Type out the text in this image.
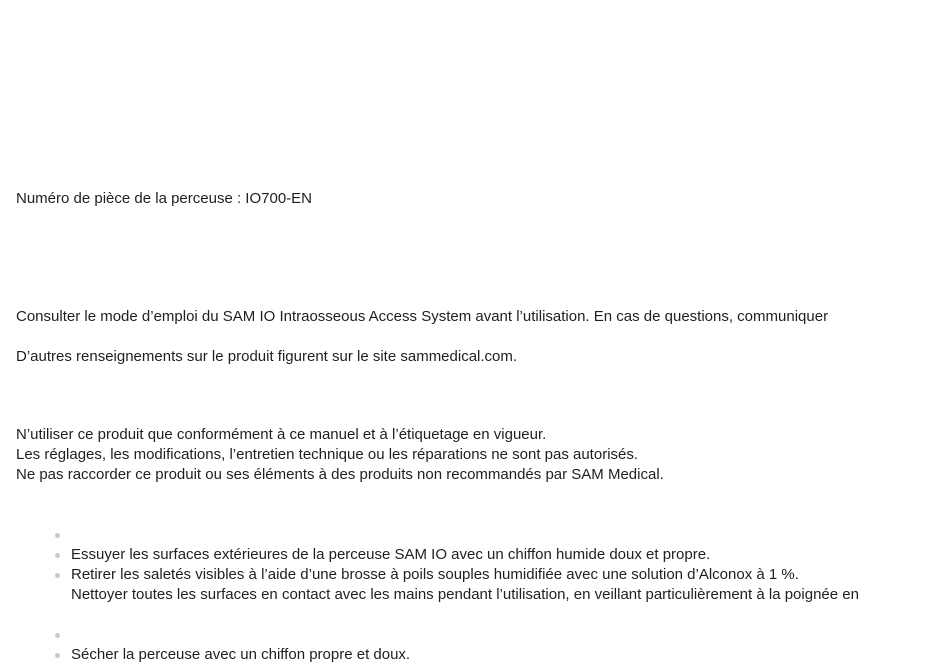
Numéro de pièce de la perceuse : IO700-EN

Consulter le mode d’emploi du SAM IO Intraosseous Access System avant l’utilisation. En cas de questions, communiquer

D’autres renseignements sur le produit figurent sur le site sammedical.com.

N’utiliser ce produit que conformément à ce manuel et à l’étiquetage en vigueur.
Les réglages, les modifications, l’entretien technique ou les réparations ne sont pas autorisés.
Ne pas raccorder ce produit ou ses éléments à des produits non recommandés par SAM Medical.

Essuyer les surfaces extérieures de la perceuse SAM IO avec un chiffon humide doux et propre.
Retirer les saletés visibles à l’aide d’une brosse à poils souples humidifiée avec une solution d’Alconox à 1 %.
Nettoyer toutes les surfaces en contact avec les mains pendant l’utilisation, en veillant particulièrement à la poignée en
Sécher la perceuse avec un chiffon propre et doux.
